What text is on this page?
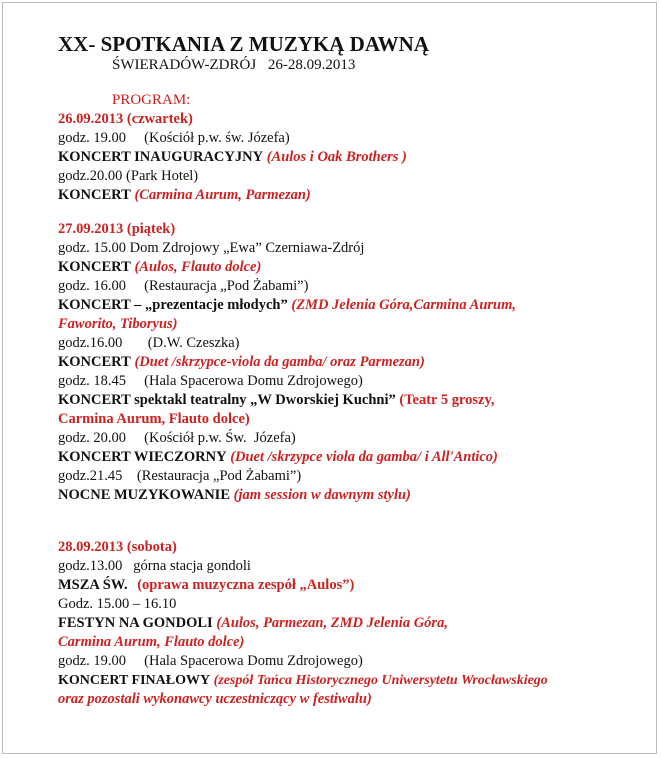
XX- SPOTKANIA Z MUZYKĄ DAWNĄ
ŚWIERADÓW-ZDRÓJ 26-28.09.2013
PROGRAM:
26.09.2013 (czwartek)
godz. 19.00     (Kościół p.w. św. Józefa)
KONCERT INAUGURACYJNY (Aulos i Oak Brothers )
godz.20.00 (Park Hotel)
KONCERT (Carmina Aurum, Parmezan)
27.09.2013 (piątek)
godz. 15.00 Dom Zdrojowy „Ewa” Czerniawa-Zdrój
KONCERT (Aulos, Flauto dolce)
godz. 16.00     (Restauracja „Pod Żabami”)
KONCERT – „prezentacje młodych” (ZMD Jelenia Góra,Carmina Aurum,
Faworito, Tiboryus)
godz.16.00       (D.W. Czeszka)
KONCERT (Duet /skrzypce-viola da gamba/ oraz Parmezan)
godz. 18.45     (Hala Spacerowa Domu Zdrojowego)
KONCERT spektakl teatralny „W Dworskiej Kuchni” (Teatr 5 groszy,
Carmina Aurum, Flauto dolce)
godz. 20.00     (Kościół p.w. Św.  Józefa)
KONCERT WIECZORNY (Duet /skrzypce viola da gamba/ i All'Antico)
godz.21.45    (Restauracja „Pod Żabami”)
NOCNE MUZYKOWANIE (jam session w dawnym stylu)
28.09.2013 (sobota)
godz.13.00   górna stacja gondoli
MSZA ŚW. (oprawa muzyczna zespół „Aulos”)
Godz. 15.00 – 16.10
FESTYN NA GONDOLI (Aulos, Parmezan, ZMD Jelenia Góra,
Carmina Aurum, Flauto dolce)
godz. 19.00     (Hala Spacerowa Domu Zdrojowego)
KONCERT FINAŁOWY (zespół Tańca Historycznego Uniwersytetu Wrocławskiego
oraz pozostali wykonawcy uczestniczący w festiwalu)
